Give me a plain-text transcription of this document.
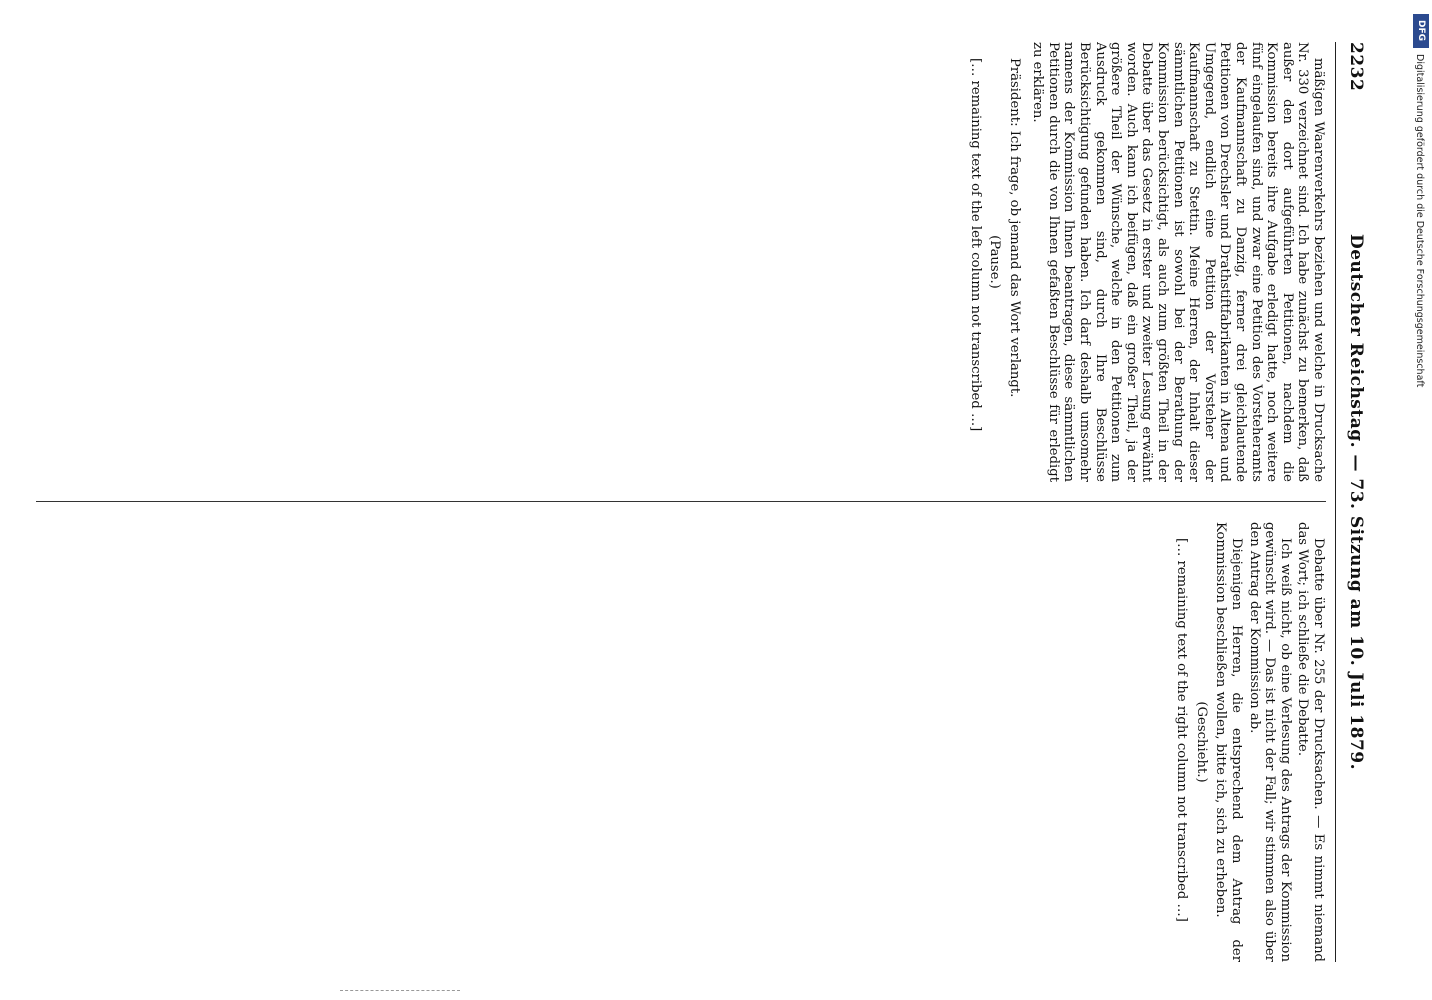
2232
Deutscher Reichstag. — 73. Sitzung am 10. Juli 1879.

mäßigen Waarenverkehrs beziehen und welche in Drucksache Nr. 330 verzeichnet sind. Ich habe zunächst zu bemerken, daß außer den dort aufgeführten Petitionen, nachdem die Kommission bereits ihre Aufgabe erledigt hatte, noch weitere fünf eingelaufen sind, und zwar eine Petition des Vorsteheramts der Kaufmannschaft zu Danzig, ferner drei gleichlautende Petitionen von Drechsler und Drathstiftfabrikanten in Altena und Umgegend, endlich eine Petition der Vorsteher der Kaufmannschaft zu Stettin. Meine Herren, der Inhalt dieser sämmtlichen Petitionen ist sowohl bei der Berathung der Kommission berücksichtigt, als auch zum größten Theil in der Debatte über das Gesetz in erster und zweiter Lesung erwähnt worden. Auch kann ich beifügen, daß ein großer Theil, ja der größere Theil der Wünsche, welche in den Petitionen zum Ausdruck gekommen sind, durch Ihre Beschlüsse Berücksichtigung gefunden haben. Ich darf deshalb umsomehr namens der Kommission Ihnen beantragen, diese sämmtlichen Petitionen durch die von Ihnen gefaßten Beschlüsse für erledigt zu erklären.

Präsident: Ich frage, ob jemand das Wort verlangt.

(Pause.)

[… remaining text of the left column not transcribed …]

Debatte über Nr. 255 der Drucksachen. — Es nimmt niemand das Wort; ich schließe die Debatte.

Ich weiß nicht, ob eine Verlesung des Antrags der Kommission gewünscht wird. — Das ist nicht der Fall; wir stimmen also über den Antrag der Kommission ab.

Diejenigen Herren, die entsprechend dem Antrag der Kommission beschließen wollen, bitte ich, sich zu erheben.

(Geschieht.)

[… remaining text of the right column not transcribed …]

DFG
Digitalisierung gefördert durch die Deutsche Forschungsgemeinschaft
